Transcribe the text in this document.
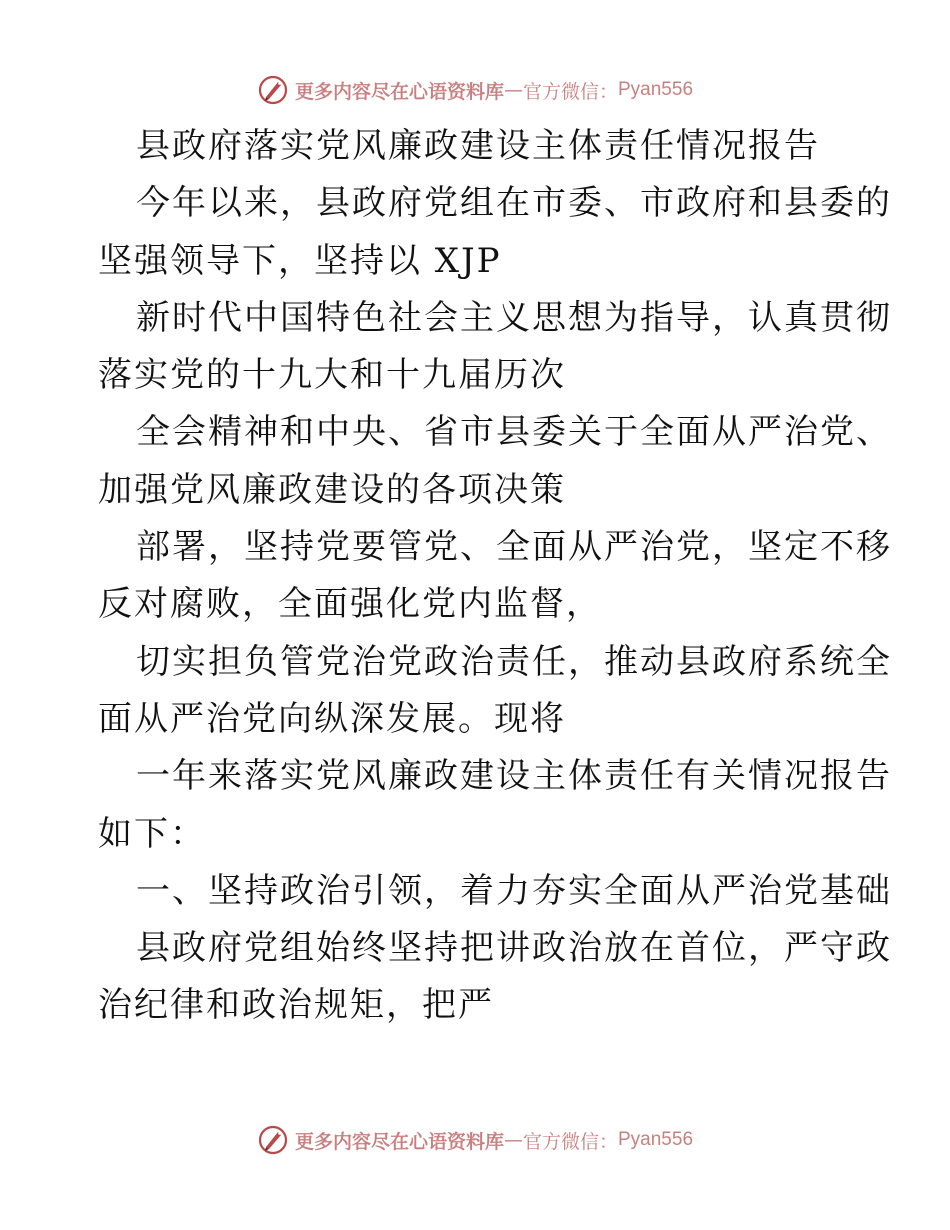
更多内容尽在心语资料库 — 官方微信： Pyan556
县政府落实党风廉政建设主体责任情况报告
今年以来，县政府党组在市委、市政府和县委的
坚强领导下，坚持以 XJP
新时代中国特色社会主义思想为指导，认真贯彻
落实党的十九大和十九届历次
全会精神和中央、省市县委关于全面从严治党、
加强党风廉政建设的各项决策
部署，坚持党要管党、全面从严治党，坚定不移
反对腐败，全面强化党内监督，
切实担负管党治党政治责任，推动县政府系统全
面从严治党向纵深发展。现将
一年来落实党风廉政建设主体责任有关情况报告
如下：
一、坚持政治引领，着力夯实全面从严治党基础
县政府党组始终坚持把讲政治放在首位，严守政
治纪律和政治规矩，把严
更多内容尽在心语资料库 — 官方微信： Pyan556
